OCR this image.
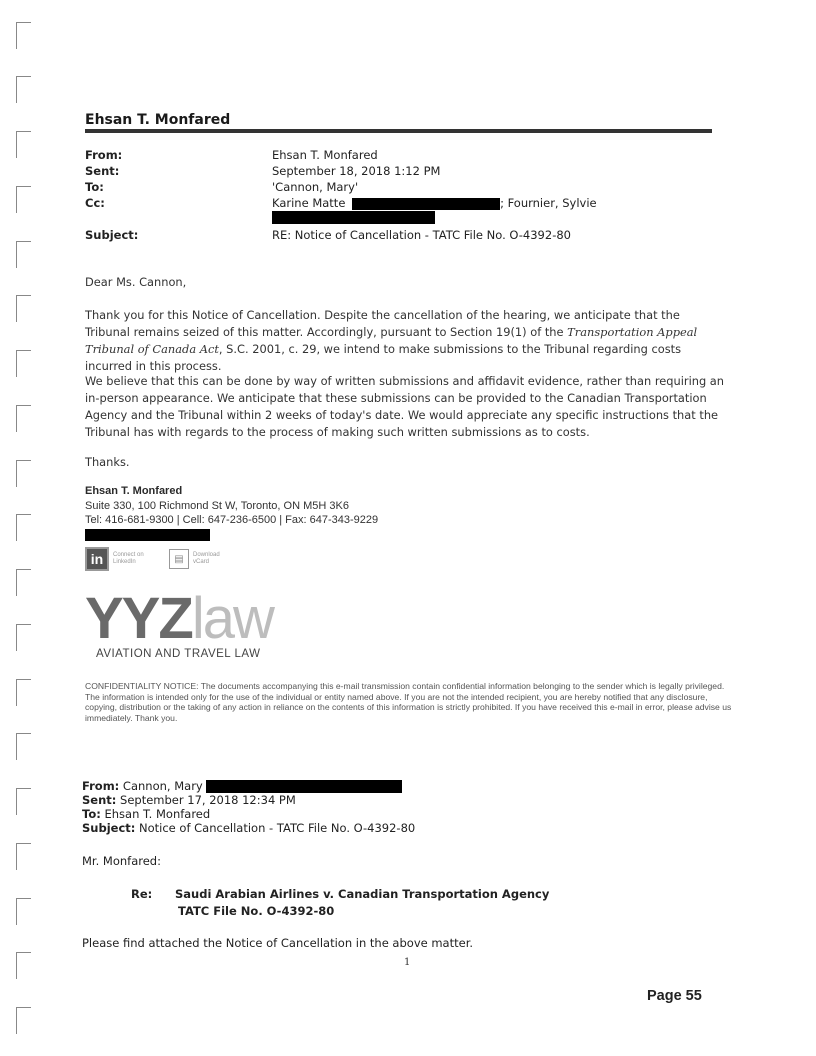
Ehsan T. Monfared
From:	Ehsan T. Monfared
Sent:	September 18, 2018 1:12 PM
To:	'Cannon, Mary'
Cc:	Karine Matte	; Fournier, Sylvie
Subject:	RE: Notice of Cancellation - TATC File No. O-4392-80
Dear Ms. Cannon,

Thank you for this Notice of Cancellation. Despite the cancellation of the hearing, we anticipate that the Tribunal remains seized of this matter. Accordingly, pursuant to Section 19(1) of the Transportation Appeal Tribunal of Canada Act, S.C. 2001, c. 29, we intend to make submissions to the Tribunal regarding costs incurred in this process.

We believe that this can be done by way of written submissions and affidavit evidence, rather than requiring an in-person appearance. We anticipate that these submissions can be provided to the Canadian Transportation Agency and the Tribunal within 2 weeks of today's date. We would appreciate any specific instructions that the Tribunal has with regards to the process of making such written submissions as to costs.

Thanks.
Ehsan T. Monfared
Suite 330, 100 Richmond St W, Toronto, ON M5H 3K6
Tel: 416-681-9300 | Cell: 647-236-6500 | Fax: 647-343-9229
in	Connect on LinkedIn	▤	Download vCard
YYZlaw
AVIATION AND TRAVEL LAW

CONFIDENTIALITY NOTICE: The documents accompanying this e-mail transmission contain confidential information belonging to the sender which is legally privileged. The information is intended only for the use of the individual or entity named above. If you are not the intended recipient, you are hereby notified that any disclosure, copying, distribution or the taking of any action in reliance on the contents of this information is strictly prohibited. If you have received this e-mail in error, please advise us immediately. Thank you.

From: Cannon, Mary
Sent: September 17, 2018 12:34 PM
To: Ehsan T. Monfared
Subject: Notice of Cancellation - TATC File No. O-4392-80
Mr. Monfared:
Re: Saudi Arabian Airlines v. Canadian Transportation Agency
TATC File No. O-4392-80
Please find attached the Notice of Cancellation in the above matter.
1
Page 55
